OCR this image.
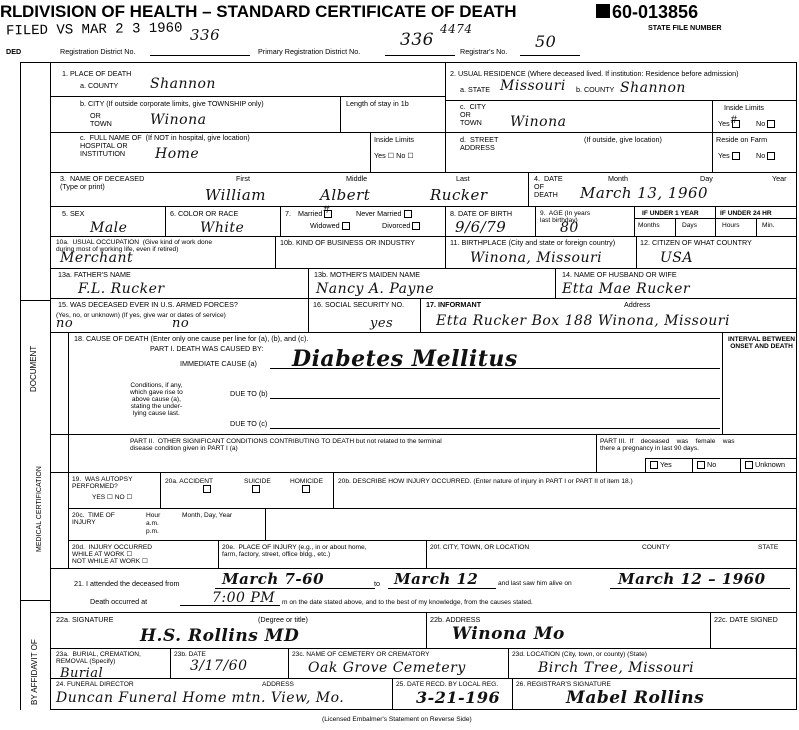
RL DIVISION OF HEALTH – STANDARD CERTIFICATE OF DEATH	60-013856
STATE FILE NUMBER
FILED VS MAR 2 3 1960 336
DED	Registration District No.	Primary Registration District No.
336
4474
Registrar's No.
50
DOCUMENT
MEDICAL CERTIFICATION
BY AFFIDAVIT OF
1. PLACE OF DEATH
a. COUNTY Shannon
b. CITY (If outside corporate limits, give TOWNSHIP only)
OR
TOWN	Winona
Length of stay in 1b
c.  FULL NAME OF  (If NOT in hospital, give location)
HOSPITAL OR
INSTITUTION	Home
Inside Limits
Yes ☐ No ☐
2. USUAL RESIDENCE (Where deceased lived. If institution: Residence before admission)
a. STATE Missouri b. COUNTY Shannon
c.  CITY
OR
TOWN Winona
Inside Limits
Yes #	No
d.  STREET
ADDRESS
(If outside, give location)	Reside on Farm
Yes	No
3.  NAME OF DECEASED
(Type or print)
First	Middle	Last
William	Albert	Rucker
4.  DATE
OF
DEATH
Month	Day	Year
March 13, 1960
5. SEX
Male
6. COLOR OR RACE
White
7. Married #	Never Married
Widowed	Divorced
8. DATE OF BIRTH
9/6/79
9.  AGE (In years
last birthday)
80
IF UNDER 1 YEAR
Months	Days
IF UNDER 24 HR
Hours	Min.
10a.  USUAL OCCUPATION  (Give kind of work done
during most of working life, even if retired)
Merchant
10b. KIND OF BUSINESS OR INDUSTRY	11. BIRTHPLACE (City and state or foreign country)
Winona, Missouri
12. CITIZEN OF WHAT COUNTRY
USA
13a. FATHER'S NAME
F.L. Rucker
13b. MOTHER'S MAIDEN NAME
Nancy A. Payne
14. NAME OF HUSBAND OR WIFE
Etta Mae Rucker
15. WAS DECEASED EVER IN U.S. ARMED FORCES?
(Yes, no, or unknown) (If yes, give war or dates of service)
no	no
16. SOCIAL SECURITY NO.
yes
17. INFORMANT	Address
Etta Rucker Box 188 Winona, Missouri
18. CAUSE OF DEATH (Enter only one cause per line for (a), (b), and (c).
PART I. DEATH WAS CAUSED BY:
IMMEDIATE CAUSE (a) Diabetes Mellitus
INTERVAL BETWEEN
ONSET AND DEATH
Conditions, if any,
which gave rise to
above cause (a),
stating the under-
lying cause last.
DUE TO (b)
DUE TO (c)
PART II.  OTHER SIGNIFICANT CONDITIONS CONTRIBUTING TO DEATH but not related to the terminal
disease condition given in PART I (a)
PART III.  If    deceased    was    female    was
there a pregnancy in last 90 days.
Yes	No	Unknown
19.  WAS AUTOPSY
PERFORMED?
YES ☐ NO ☐
20a. ACCIDENT	SUICIDE	HOMICIDE 20b. DESCRIBE HOW INJURY OCCURRED. (Enter nature of injury in PART I or PART II of item 18.)
20c.  TIME OF
INJURY
Hour	Month, Day, Year
a.m.
p.m.
20d.  INJURY OCCURRED
WHILE AT WORK ☐
NOT WHILE AT WORK ☐
20e.  PLACE OF INJURY (e.g., in or about home,
farm, factory, street, office bldg., etc.)
20f. CITY, TOWN, OR LOCATION	COUNTY	STATE
21. I attended the deceased from	March 7-60	to March 12	and last saw him alive on	March 12 – 1960
Death occurred at	7:00 PM m on the date stated above, and to the best of my knowledge, from the causes stated.
22a. SIGNATURE	(Degree or title)
H.S. Rollins MD
22b. ADDRESS
Winona Mo
22c. DATE SIGNED
23a.  BURIAL, CREMATION,
REMOVAL (Specify)
Burial
23b. DATE
3/17/60
23c. NAME OF CEMETERY OR CREMATORY
Oak Grove Cemetery
23d. LOCATION (City, town, or county) (State)
Birch Tree, Missouri
24. FUNERAL DIRECTOR	ADDRESS
Duncan Funeral Home mtn. View, Mo.
25. DATE RECD. BY LOCAL REG.
3-21-196
26. REGISTRAR'S SIGNATURE
Mabel Rollins
(Licensed Embalmer's Statement on Reverse Side)
